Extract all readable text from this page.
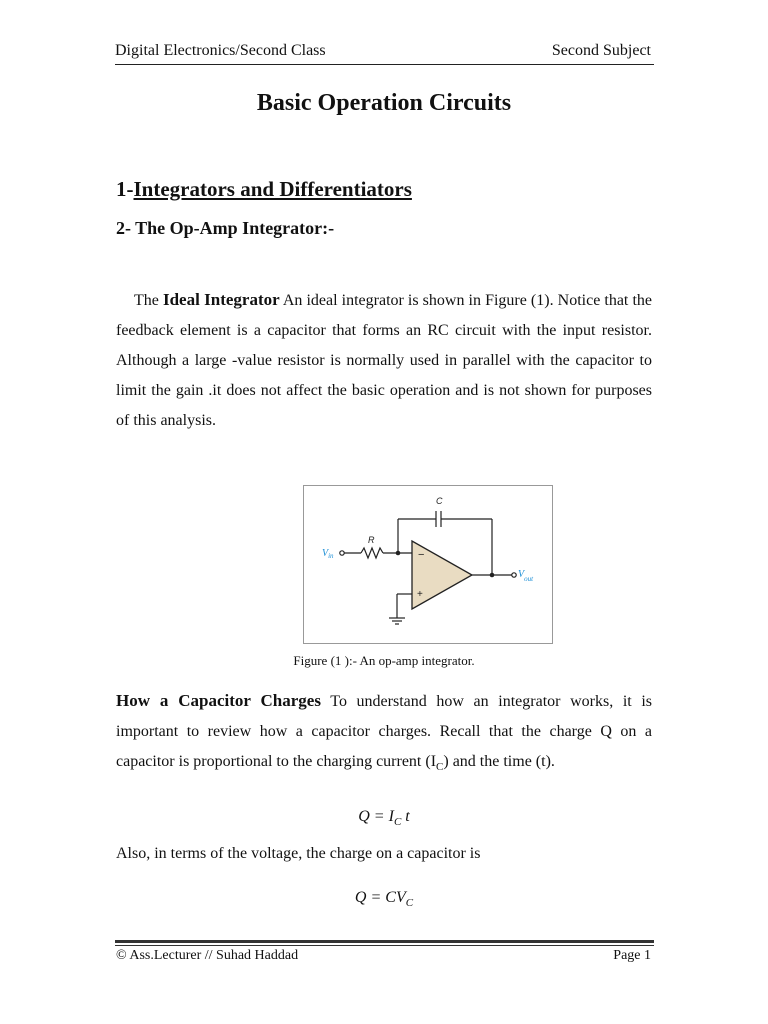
Digital Electronics/Second Class	Second Subject
Basic Operation Circuits
1-Integrators and Differentiators
2- The Op-Amp Integrator:-
The Ideal Integrator An ideal integrator is shown in Figure (1). Notice that the feedback element is a capacitor that forms an RC circuit with the input resistor. Although a large -value resistor is normally used in parallel with the capacitor to limit the gain .it does not affect the basic operation and is not shown for purposes of this analysis.
−
+
C
R
$V_{in}$
$V_{out}$
Figure (1 ):- An op-amp integrator.
How a Capacitor Charges To understand how an integrator works, it is important to review how a capacitor charges. Recall that the charge Q on a capacitor is proportional to the charging current $(I_C)$ and the time (t).
$Q = I_C$ t
Also, in terms of the voltage, the charge on a capacitor is
$Q = CV_C$
© Ass.Lecturer // Suhad Haddad	Page 1
